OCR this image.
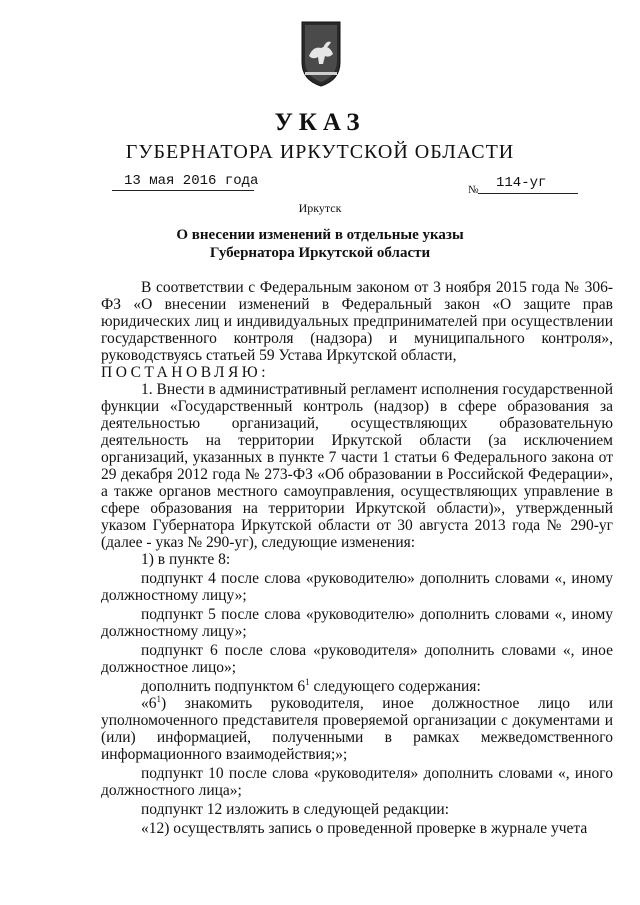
УКАЗ
ГУБЕРНАТОРА ИРКУТСКОЙ ОБЛАСТИ
13 мая 2016 года
№ 114-уг
Иркутск
О внесении изменений в отдельные указы
Губернатора Иркутской области

В соответствии с Федеральным законом от 3 ноября 2015 года № 306-ФЗ «О внесении изменений в Федеральный закон «О защите прав юридических лиц и индивидуальных предпринимателей при осуществлении государственного контроля (надзора) и муниципального контроля», руководствуясь статьей 59 Устава Иркутской области,

ПОСТАНОВЛЯЮ:

1. Внести в административный регламент исполнения государственной функции «Государственный контроль (надзор) в сфере образования за деятельностью организаций, осуществляющих образовательную деятельность на территории Иркутской области (за исключением организаций, указанных в пункте 7 части 1 статьи 6 Федерального закона от 29 декабря 2012 года № 273-ФЗ «Об образовании в Российской Федерации», а также органов местного самоуправления, осуществляющих управление в сфере образования на территории Иркутской области)», утвержденный указом Губернатора Иркутской области от 30 августа 2013 года № 290-уг (далее - указ № 290-уг), следующие изменения:

1) в пункте 8:

подпункт 4 после слова «руководителю» дополнить словами «, иному должностному лицу»;

подпункт 5 после слова «руководителю» дополнить словами «, иному должностному лицу»;

подпункт 6 после слова «руководителя» дополнить словами «, иное должностное лицо»;

дополнить подпунктом $6^1$ следующего содержания:

«$6^1$) знакомить руководителя, иное должностное лицо или уполномоченного представителя проверяемой организации с документами и (или) информацией, полученными в рамках межведомственного информационного взаимодействия;»;

подпункт 10 после слова «руководителя» дополнить словами «, иного должностного лица»;

подпункт 12 изложить в следующей редакции:

«12) осуществлять запись о проведенной проверке в журнале учета
